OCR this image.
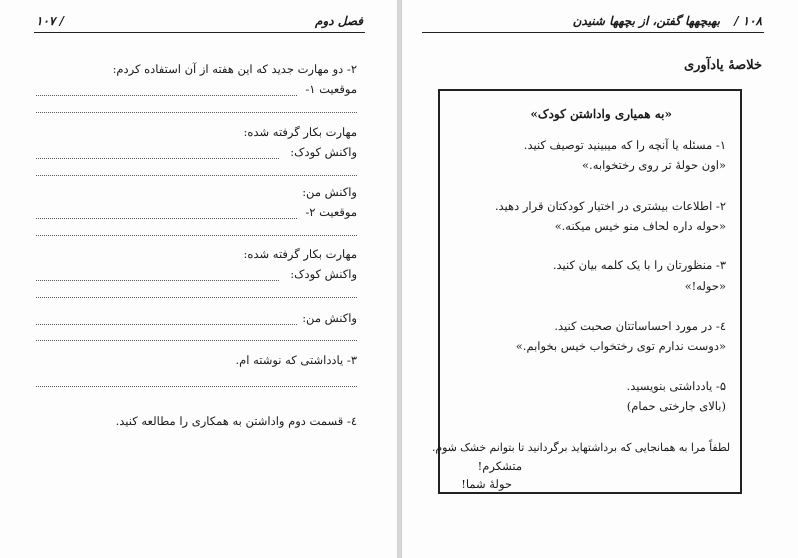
فصل دوم
/ ۱۰۷
۲- دو مهارت جدید که این هفته از آن استفاده کردم:
موقعیت ۱-
مهارت بکار گرفته شده:
واکنش کودک:
واکنش من:
موقعیت ۲-
مهارت بکار گرفته شده:
واکنش کودک:
واکنش من:
۳- یادداشتی که نوشته ام.
٤- قسمت دوم واداشتن به همکاری را مطالعه کنید.
۱۰۸ /
بهبچهها گفتن، از بچهها شنیدن
خلاصهٔ یادآوری
«به همیاری واداشتن کودک»
۱- مسئله یا آنچه را که میبینید توصیف کنید.
«اون حولهٔ تر روی رختخوابه.»
۲- اطلاعات بیشتری در اختیار کودکتان قرار دهید.
«حوله داره لحاف منو خیس میکنه.»
۳- منظورتان را با یک کلمه بیان کنید.
«حوله!»
٤- در مورد احساساتتان صحبت کنید.
«دوست ندارم توی رختخواب خیس بخوابم.»
۵- یادداشتی بنویسید.
(بالای جارختی حمام)
لطفاً مرا به همانجایی که برداشتهاید برگردانید تا بتوانم خشک شوم.
متشکرم!
حولهٔ شما!
